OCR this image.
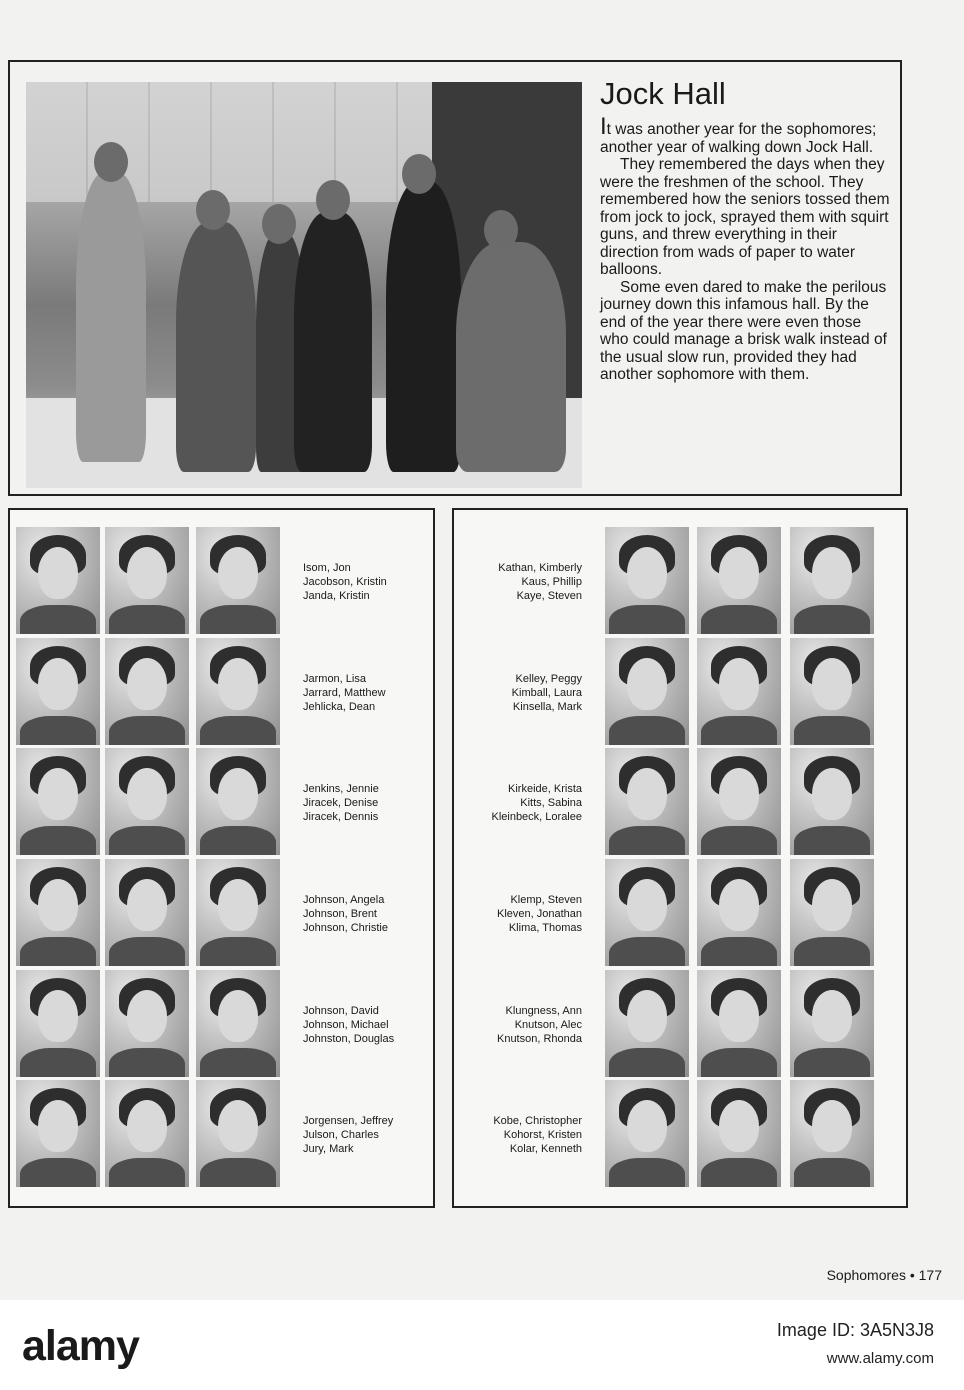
Jock Hall

It was another year for the sophomores; another year of walking down Jock Hall.

They remembered the days when they were the freshmen of the school. They remembered how the seniors tossed them from jock to jock, sprayed them with squirt guns, and threw everything in their direction from wads of paper to water balloons.

Some even dared to make the perilous journey down this infamous hall. By the end of the year there were even those who could manage a brisk walk instead of the usual slow run, provided they had another sophomore with them.

Isom, Jon
Jacobson, Kristin
Janda, Kristin
Kathan, Kimberly
Kaus, Phillip
Kaye, Steven
Jarmon, Lisa
Jarrard, Matthew
Jehlicka, Dean
Kelley, Peggy
Kimball, Laura
Kinsella, Mark
Jenkins, Jennie
Jiracek, Denise
Jiracek, Dennis
Kirkeide, Krista
Kitts, Sabina
Kleinbeck, Loralee
Johnson, Angela
Johnson, Brent
Johnson, Christie
Klemp, Steven
Kleven, Jonathan
Klima, Thomas
Johnson, David
Johnson, Michael
Johnston, Douglas
Klungness, Ann
Knutson, Alec
Knutson, Rhonda
Jorgensen, Jeffrey
Julson, Charles
Jury, Mark
Kobe, Christopher
Kohorst, Kristen
Kolar, Kenneth
Sophomores • 177
alamy	Image ID: 3A5N3J8
www.alamy.com
